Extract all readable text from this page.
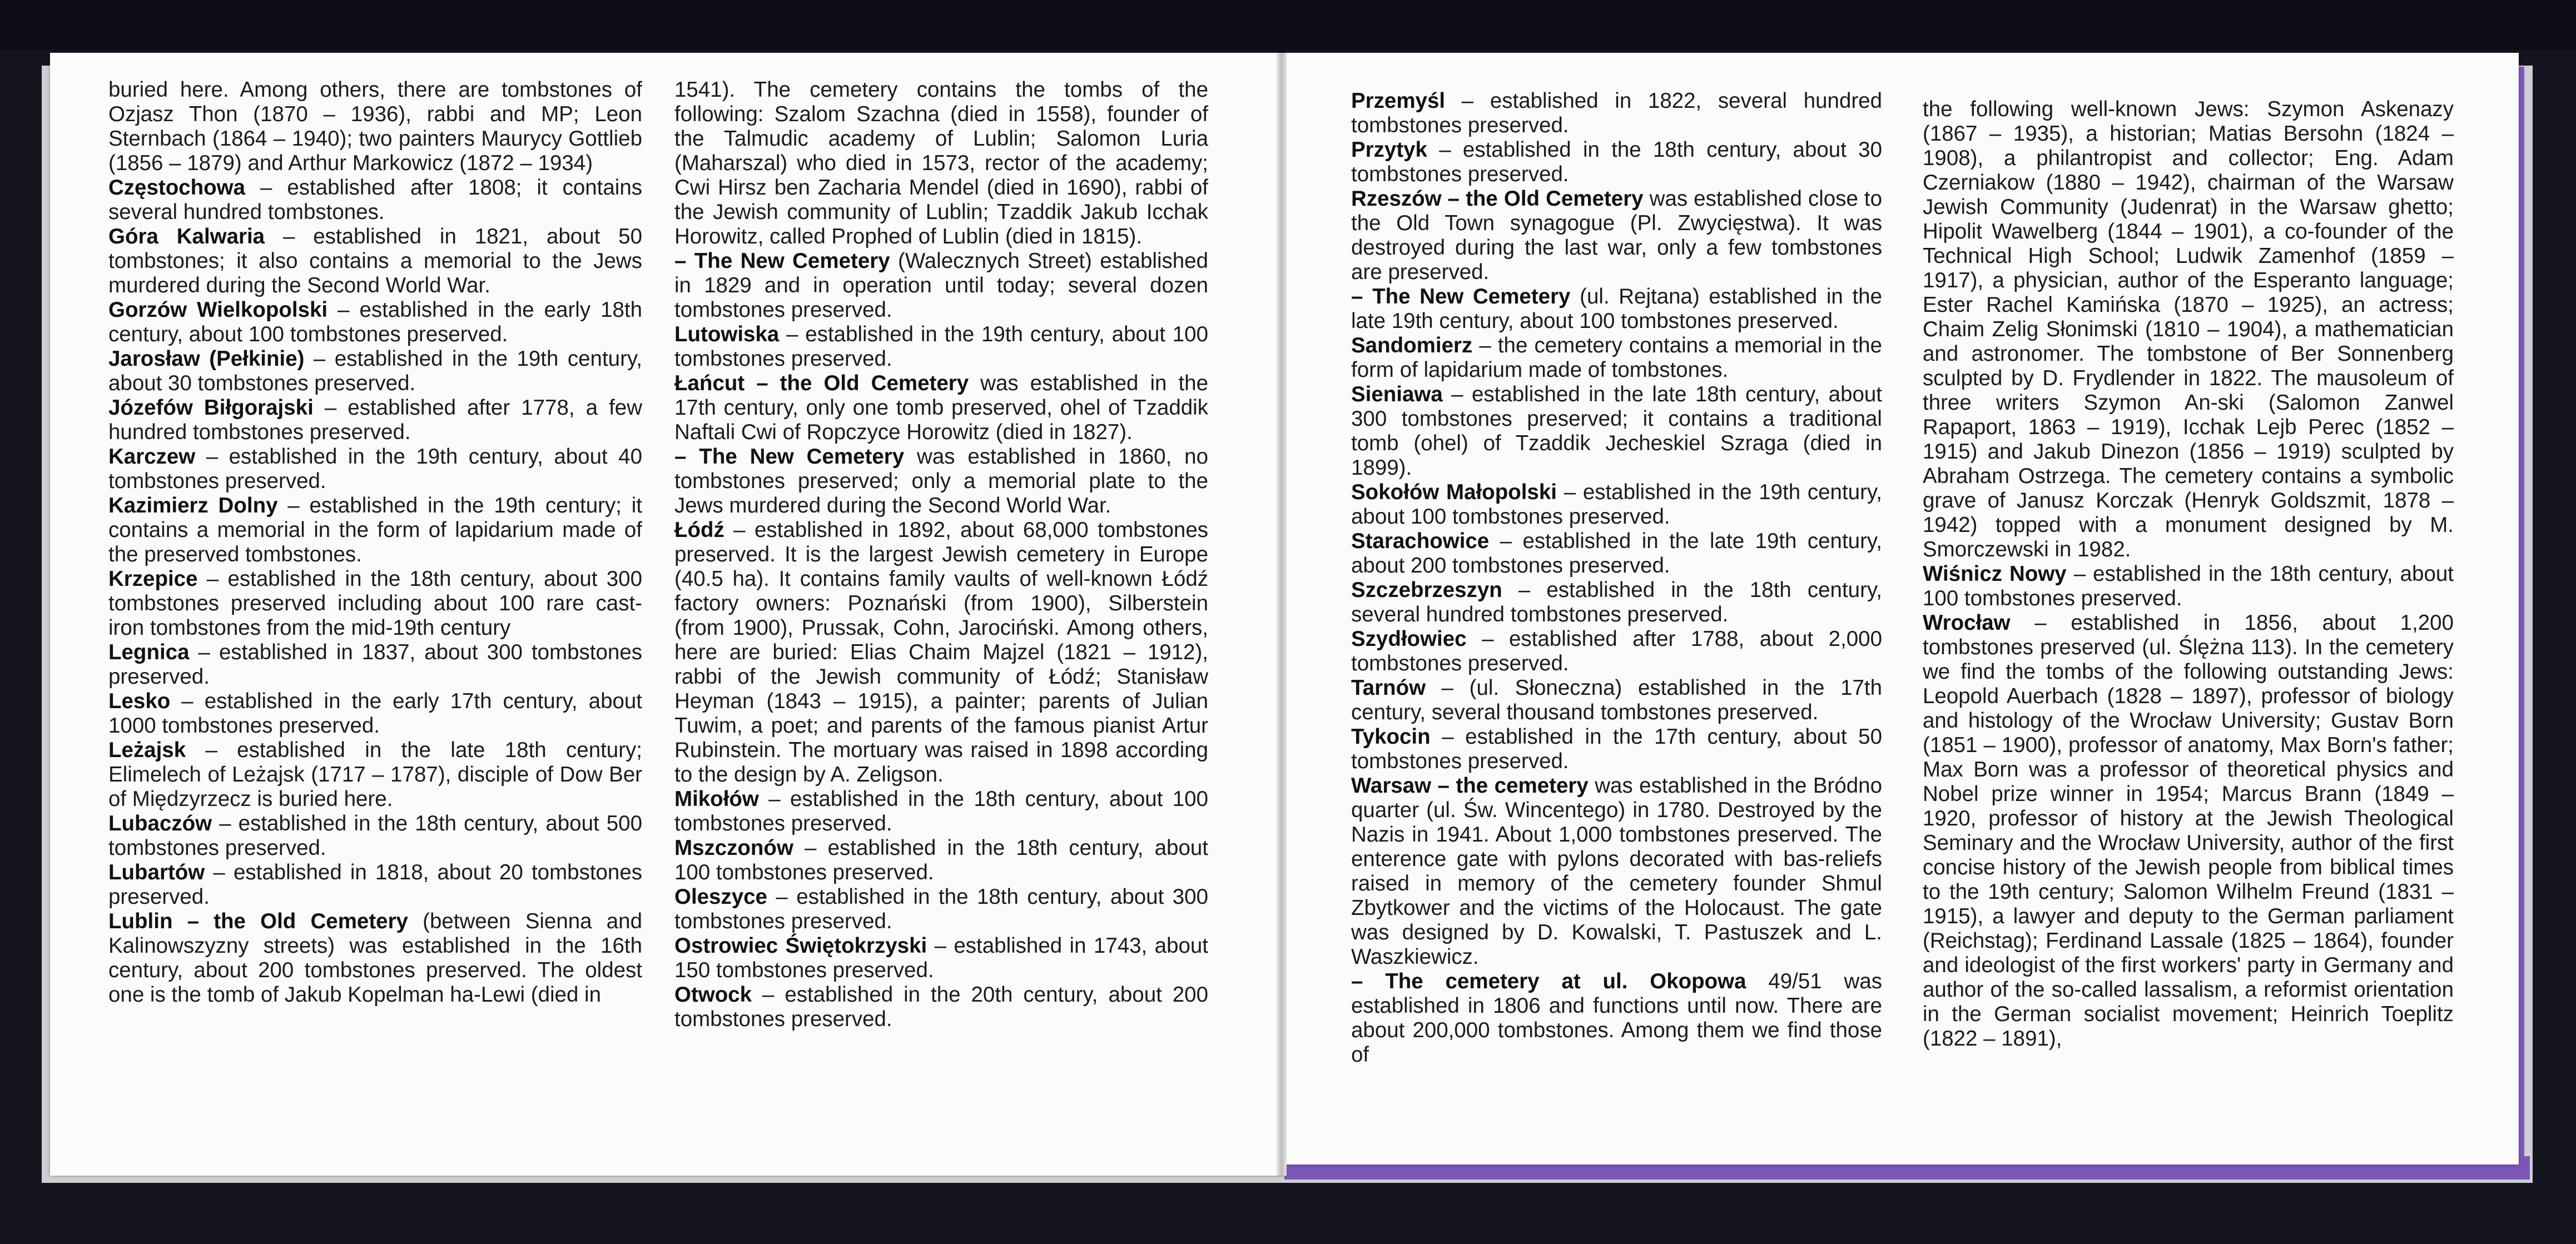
buried here. Among others, there are tombstones of Ozjasz Thon (1870 – 1936), rabbi and MP; Leon Sternbach (1864 – 1940); two painters Maurycy Gottlieb (1856 – 1879) and Arthur Markowicz (1872 – 1934)

Częstochowa – established after 1808; it contains several hundred tombstones.

Góra Kalwaria – established in 1821, about 50 tombstones; it also contains a memorial to the Jews murdered during the Second World War.

Gorzów Wielkopolski – established in the early 18th century, about 100 tombstones preserved.

Jarosław (Pełkinie) – established in the 19th century, about 30 tombstones preserved.

Józefów Biłgorajski – established after 1778, a few hundred tombstones preserved.

Karczew – established in the 19th century, about 40 tombstones preserved.

Kazimierz Dolny – established in the 19th century; it contains a memorial in the form of lapidarium made of the preserved tombstones.

Krzepice – established in the 18th century, about 300 tombstones preserved including about 100 rare cast-iron tombstones from the mid-19th century

Legnica – established in 1837, about 300 tombstones preserved.

Lesko – established in the early 17th century, about 1000 tombstones preserved.

Leżajsk – established in the late 18th century; Elimelech of Leżajsk (1717 – 1787), disciple of Dow Ber of Międzyrzecz is buried here.

Lubaczów – established in the 18th century, about 500 tombstones preserved.

Lubartów – established in 1818, about 20 tombstones preserved.

Lublin – the Old Cemetery (between Sienna and Kalinowszyzny streets) was established in the 16th century, about 200 tombstones preserved. The oldest one is the tomb of Jakub Kopelman ha-Lewi (died in

1541). The cemetery contains the tombs of the following: Szalom Szachna (died in 1558), founder of the Talmudic academy of Lublin; Salomon Luria (Maharszal) who died in 1573, rector of the academy; Cwi Hirsz ben Zacharia Mendel (died in 1690), rabbi of the Jewish community of Lublin; Tzaddik Jakub Icchak Horowitz, called Prophed of Lublin (died in 1815).

– The New Cemetery (Walecznych Street) established in 1829 and in operation until today; several dozen tombstones preserved.

Lutowiska – established in the 19th century, about 100 tombstones preserved.

Łańcut – the Old Cemetery was established in the 17th century, only one tomb preserved, ohel of Tzaddik Naftali Cwi of Ropczyce Horowitz (died in 1827).

– The New Cemetery was established in 1860, no tombstones preserved; only a memorial plate to the Jews murdered during the Second World War.

Łódź – established in 1892, about 68,000 tombstones preserved. It is the largest Jewish cemetery in Europe (40.5 ha). It contains family vaults of well-known Łódź factory owners: Poznański (from 1900), Silberstein (from 1900), Prussak, Cohn, Jarociński. Among others, here are buried: Elias Chaim Majzel (1821 – 1912), rabbi of the Jewish community of Łódź; Stanisław Heyman (1843 – 1915), a painter; parents of Julian Tuwim, a poet; and parents of the famous pianist Artur Rubinstein. The mortuary was raised in 1898 according to the design by A. Zeligson.

Mikołów – established in the 18th century, about 100 tombstones preserved.

Mszczonów – established in the 18th century, about 100 tombstones preserved.

Oleszyce – established in the 18th century, about 300 tombstones preserved.

Ostrowiec Świętokrzyski – established in 1743, about 150 tombstones preserved.

Otwock – established in the 20th century, about 200 tombstones preserved.

Przemyśl – established in 1822, several hundred tombstones preserved.

Przytyk – established in the 18th century, about 30 tombstones preserved.

Rzeszów – the Old Cemetery was established close to the Old Town synagogue (Pl. Zwycięstwa). It was destroyed during the last war, only a few tombstones are preserved.

– The New Cemetery (ul. Rejtana) established in the late 19th century, about 100 tombstones preserved.

Sandomierz – the cemetery contains a memorial in the form of lapidarium made of tombstones.

Sieniawa – established in the late 18th century, about 300 tombstones preserved; it contains a traditional tomb (ohel) of Tzaddik Jecheskiel Szraga (died in 1899).

Sokołów Małopolski – established in the 19th century, about 100 tombstones preserved.

Starachowice – established in the late 19th century, about 200 tombstones preserved.

Szczebrzeszyn – established in the 18th century, several hundred tombstones preserved.

Szydłowiec – established after 1788, about 2,000 tombstones preserved.

Tarnów – (ul. Słoneczna) established in the 17th century, several thousand tombstones preserved.

Tykocin – established in the 17th century, about 50 tombstones preserved.

Warsaw – the cemetery was established in the Bródno quarter (ul. Św. Wincentego) in 1780. Destroyed by the Nazis in 1941. About 1,000 tombstones preserved. The enterence gate with pylons decorated with bas-reliefs raised in memory of the cemetery founder Shmul Zbytkower and the victims of the Holocaust. The gate was designed by D. Kowalski, T. Pastuszek and L. Waszkiewicz.

– The cemetery at ul. Okopowa 49/51 was established in 1806 and functions until now. There are about 200,000 tombstones. Among them we find those of

the following well-known Jews: Szymon Askenazy (1867 – 1935), a historian; Matias Bersohn (1824 – 1908), a philantropist and collector; Eng. Adam Czerniakow (1880 – 1942), chairman of the Warsaw Jewish Community (Judenrat) in the Warsaw ghetto; Hipolit Wawelberg (1844 – 1901), a co-founder of the Technical High School; Ludwik Zamenhof (1859 – 1917), a physician, author of the Esperanto language; Ester Rachel Kamińska (1870 – 1925), an actress; Chaim Zelig Słonimski (1810 – 1904), a mathematician and astronomer. The tombstone of Ber Sonnenberg sculpted by D. Frydlender in 1822. The mausoleum of three writers Szymon An-ski (Salomon Zanwel Rapaport, 1863 – 1919), Icchak Lejb Perec (1852 – 1915) and Jakub Dinezon (1856 – 1919) sculpted by Abraham Ostrzega. The cemetery contains a symbolic grave of Janusz Korczak (Henryk Goldszmit, 1878 – 1942) topped with a monument designed by M. Smorczewski in 1982.

Wiśnicz Nowy – established in the 18th century, about 100 tombstones preserved.

Wrocław – established in 1856, about 1,200 tombstones preserved (ul. Ślężna 113). In the cemetery we find the tombs of the following outstanding Jews: Leopold Auerbach (1828 – 1897), professor of biology and histology of the Wrocław University; Gustav Born (1851 – 1900), professor of anatomy, Max Born's father; Max Born was a professor of theoretical physics and Nobel prize winner in 1954; Marcus Brann (1849 – 1920, professor of history at the Jewish Theological Seminary and the Wrocław University, author of the first concise history of the Jewish people from biblical times to the 19th century; Salomon Wilhelm Freund (1831 – 1915), a lawyer and deputy to the German parliament (Reichstag); Ferdinand Lassale (1825 – 1864), founder and ideologist of the first workers' party in Germany and author of the so-called lassalism, a reformist orientation in the German socialist movement; Heinrich Toeplitz (1822 – 1891),
